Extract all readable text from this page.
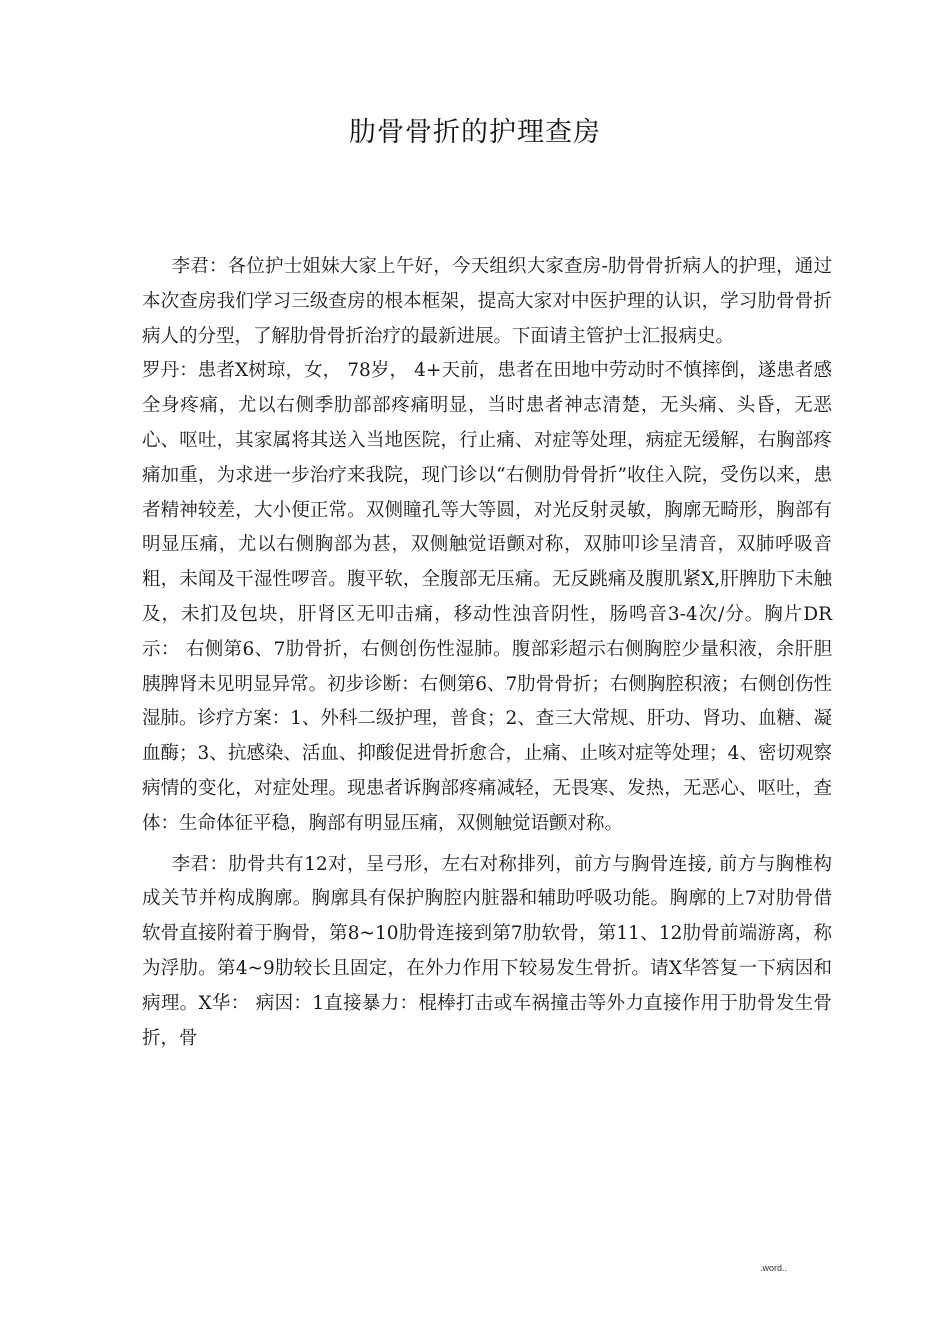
肋骨骨折的护理查房

李君：各位护士姐妹大家上午好，今天组织大家查房-肋骨骨折病人的护理，通过本次查房我们学习三级查房的根本框架，提高大家对中医护理的认识，学习肋骨骨折病人的分型，了解肋骨骨折治疗的最新进展。下面请主管护士汇报病史。

罗丹：患者X树琼，女， 78岁， 4+天前，患者在田地中劳动时不慎摔倒，遂患者感全身疼痛，尤以右侧季肋部部疼痛明显，当时患者神志清楚，无头痛、头昏，无恶心、呕吐，其家属将其送入当地医院，行止痛、对症等处理，病症无缓解，右胸部疼痛加重，为求进一步治疗来我院，现门诊以“右侧肋骨骨折”收住入院，受伤以来，患者精神较差，大小便正常。双侧瞳孔等大等圆，对光反射灵敏，胸廓无畸形，胸部有明显压痛，尤以右侧胸部为甚，双侧触觉语颤对称，双肺叩诊呈清音，双肺呼吸音粗，未闻及干湿性啰音。腹平软，全腹部无压痛。无反跳痛及腹肌紧X,肝脾肋下未触及，未扪及包块，肝肾区无叩击痛，移动性浊音阴性，肠鸣音3-4次/分。胸片DR示： 右侧第6、7肋骨折，右侧创伤性湿肺。腹部彩超示右侧胸腔少量积液，余肝胆胰脾肾未见明显异常。初步诊断：右侧第6、7肋骨骨折；右侧胸腔积液；右侧创伤性湿肺。诊疗方案：1、外科二级护理，普食；2、查三大常规、肝功、肾功、血糖、凝血酶；3、抗感染、活血、抑酸促进骨折愈合，止痛、止咳对症等处理；4、密切观察病情的变化，对症处理。现患者诉胸部疼痛减轻，无畏寒、发热，无恶心、呕吐，查体：生命体征平稳，胸部有明显压痛，双侧触觉语颤对称。

李君：肋骨共有12对，呈弓形，左右对称排列，前方与胸骨连接, 前方与胸椎构成关节并构成胸廓。胸廓具有保护胸腔内脏器和辅助呼吸功能。胸廓的上7对肋骨借软骨直接附着于胸骨，第8~10肋骨连接到第7肋软骨，第11、12肋骨前端游离，称为浮肋。第4~9肋较长且固定，在外力作用下较易发生骨折。请X华答复一下病因和病理。X华： 病因：1直接暴力：棍棒打击或车祸撞击等外力直接作用于肋骨发生骨折，骨

.word..
